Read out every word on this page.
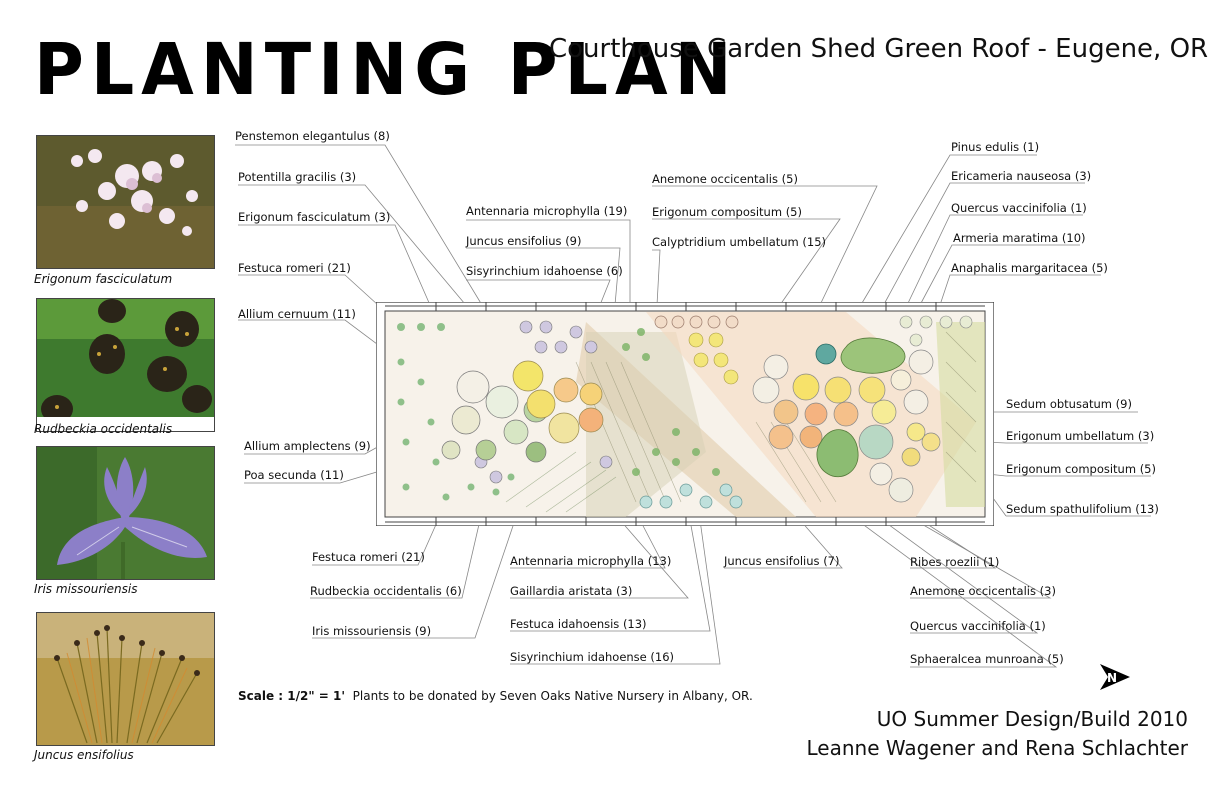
PLANTING PLAN
Courthouse Garden Shed Green Roof - Eugene, OR
Erigonum fasciculatum
Rudbeckia occidentalis
Iris missouriensis
Juncus ensifolius
Penstemon elegantulus (8)
Potentilla gracilis (3)
Erigonum fasciculatum (3)
Festuca romeri (21)
Allium cernuum (11)
Allium amplectens (9)
Poa secunda (11)
Antennaria microphylla (19)
Juncus ensifolius (9)
Sisyrinchium idahoense (6)
Anemone occicentalis (5)
Erigonum compositum (5)
Calyptridium umbellatum (15)
Pinus edulis (1)
Ericameria nauseosa (3)
Quercus vaccinifolia (1)
Armeria maratima (10)
Anaphalis margaritacea (5)
Sedum obtusatum (9)
Erigonum umbellatum (3)
Erigonum compositum (5)
Sedum spathulifolium (13)
Festuca romeri (21)
Rudbeckia occidentalis (6)
Iris missouriensis (9)
Antennaria microphylla (13)
Gaillardia aristata (3)
Festuca idahoensis (13)
Sisyrinchium idahoense (16)
Juncus ensifolius (7)	Ribes roezlii (1)
Anemone occicentalis (3)
Quercus vaccinifolia (1)
Sphaeralcea munroana (5)
Scale : 1/2" = 1' Plants to be donated by Seven Oaks Native Nursery in Albany, OR.
N
UO Summer Design/Build 2010
Leanne Wagener and Rena Schlachter
